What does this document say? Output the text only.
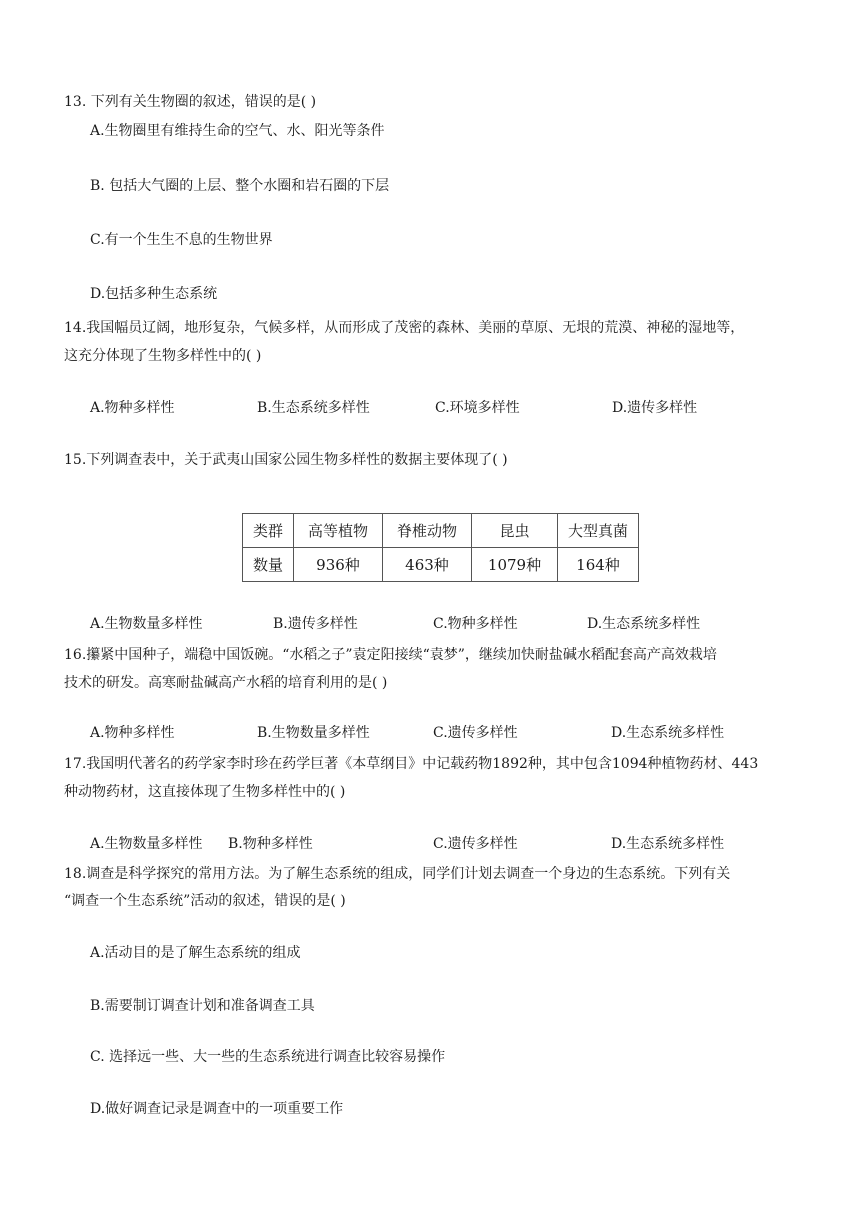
13. 下列有关生物圈的叙述，错误的是( )
A.生物圈里有维持生命的空气、水、阳光等条件
B. 包括大气圈的上层、整个水圈和岩石圈的下层
C.有一个生生不息的生物世界
D.包括多种生态系统
14.我国幅员辽阔，地形复杂，气候多样，从而形成了茂密的森林、美丽的草原、无垠的荒漠、神秘的湿地等，
这充分体现了生物多样性中的( )
A.物种多样性	B.生态系统多样性	C.环境多样性	D.遗传多样性
15.下列调查表中，关于武夷山国家公园生物多样性的数据主要体现了( )
类群	高等植物	脊椎动物	昆虫	大型真菌
数量	936种	463种	1079种	164种
A.生物数量多样性	B.遗传多样性	C.物种多样性	D.生态系统多样性
16.攥紧中国种子，端稳中国饭碗。“水稻之子”袁定阳接续“袁梦”，继续加快耐盐碱水稻配套高产高效栽培
技术的研发。高寒耐盐碱高产水稻的培育利用的是( )
A.物种多样性	B.生物数量多样性	C.遗传多样性	D.生态系统多样性
17.我国明代著名的药学家李时珍在药学巨著《本草纲目》中记载药物1892种，其中包含1094种植物药材、443
种动物药材，这直接体现了生物多样性中的( )
A.生物数量多样性 B.物种多样性	C.遗传多样性	D.生态系统多样性
18.调查是科学探究的常用方法。为了解生态系统的组成，同学们计划去调查一个身边的生态系统。下列有关
“调查一个生态系统”活动的叙述，错误的是( )
A.活动目的是了解生态系统的组成
B.需要制订调查计划和准备调查工具
C. 选择远一些、大一些的生态系统进行调查比较容易操作
D.做好调查记录是调查中的一项重要工作
